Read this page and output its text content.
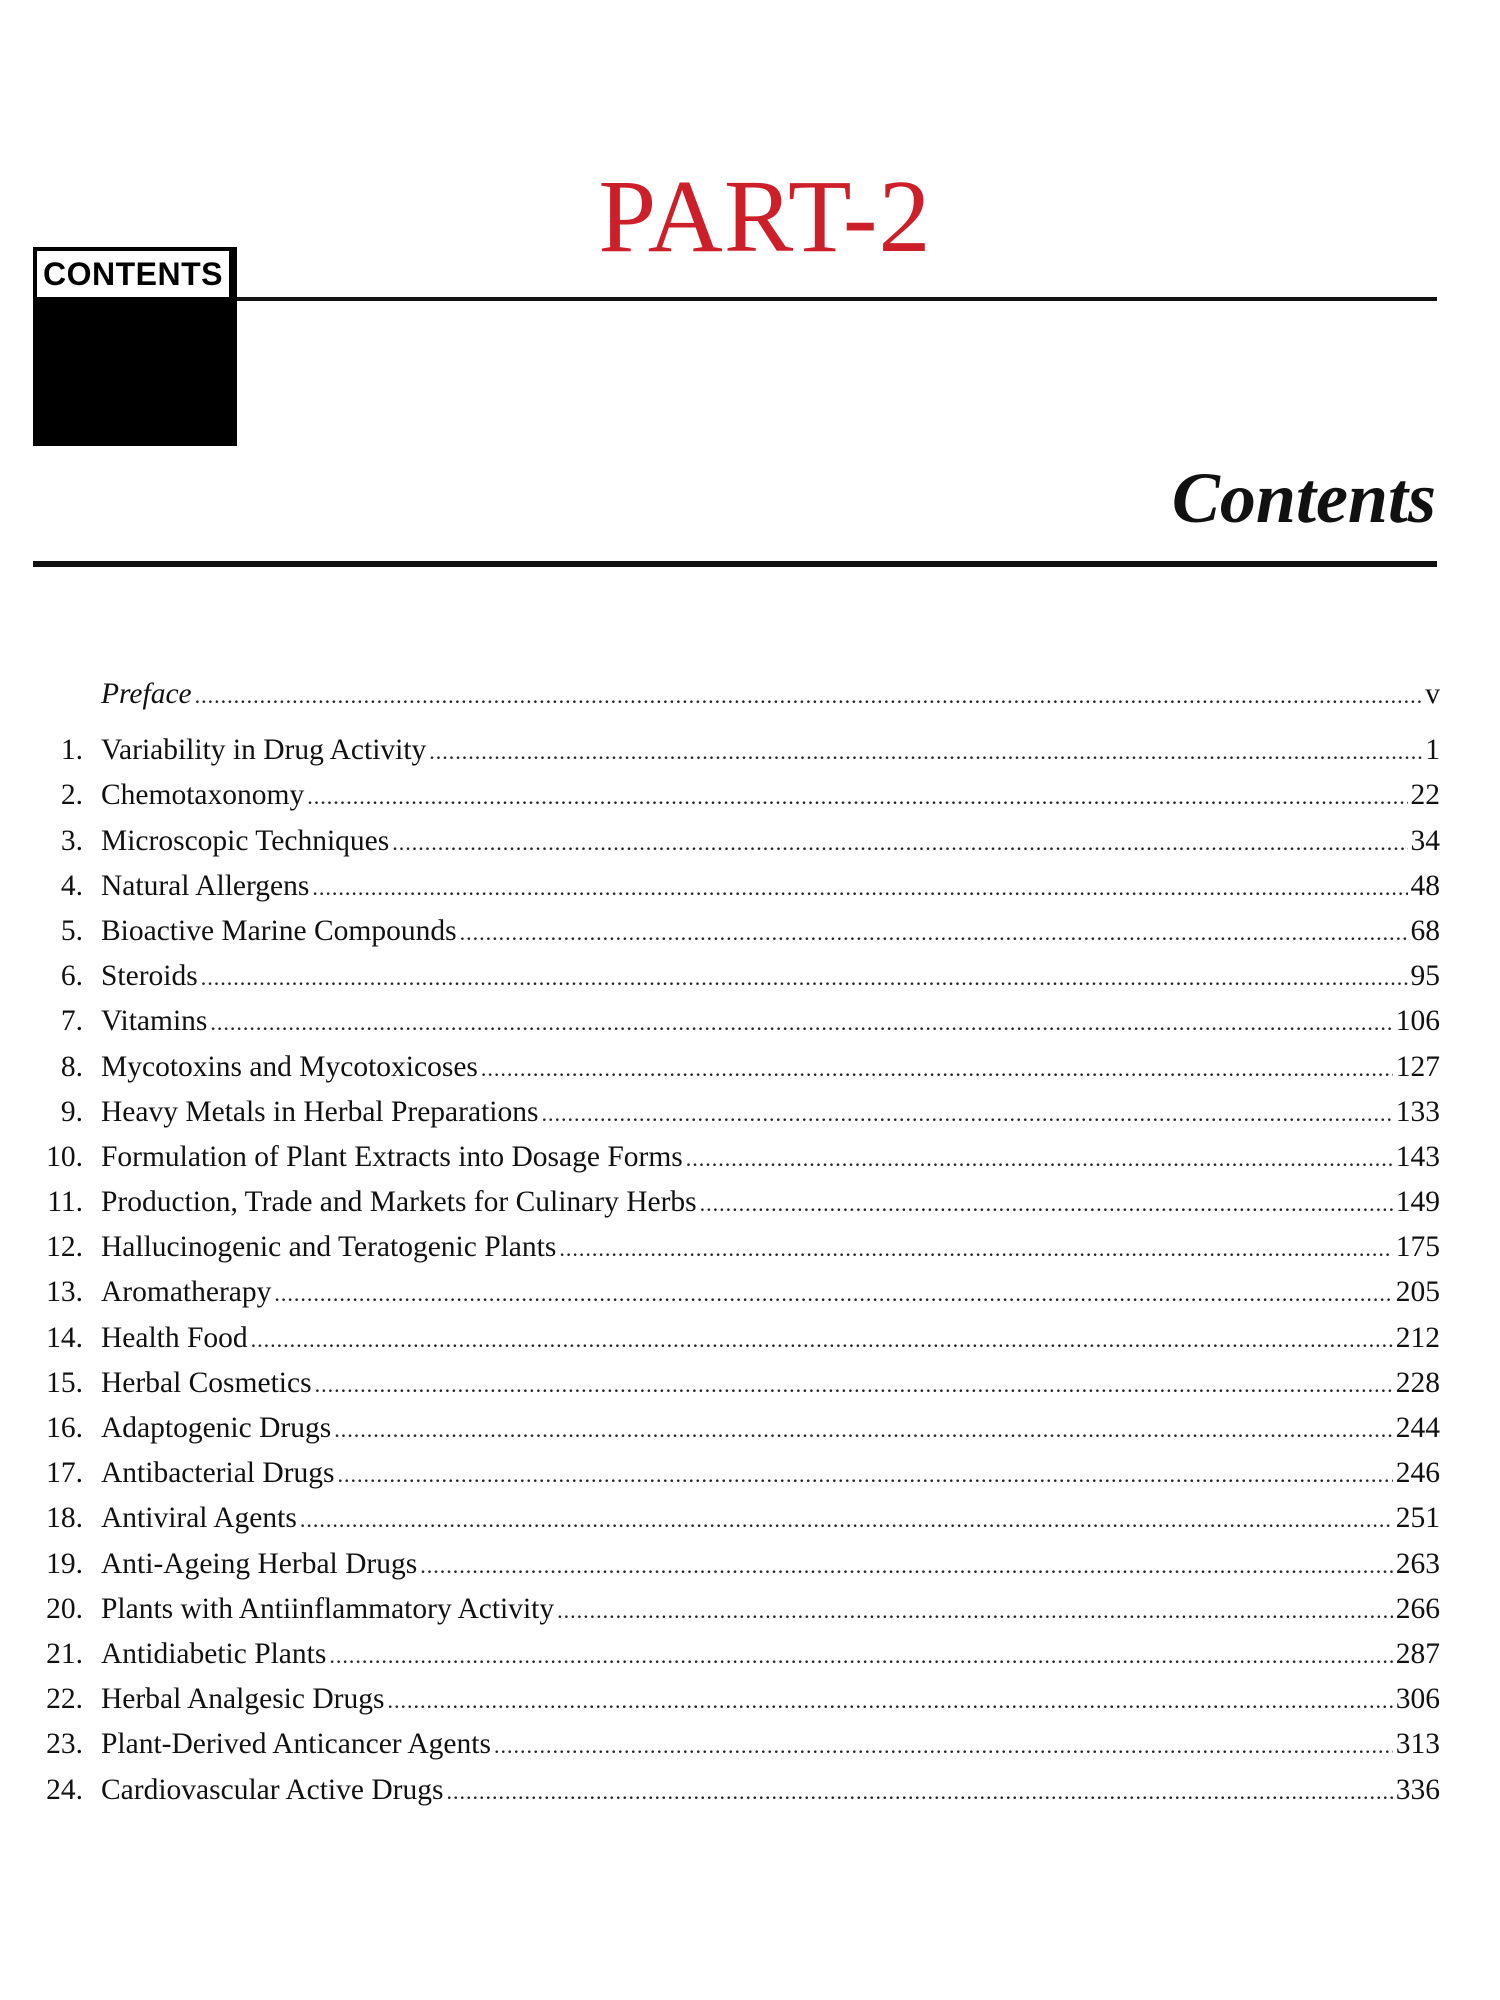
PART-2
CONTENTS
Contents
Preface .....	v
1. Variability in Drug Activity .....	1
2. Chemotaxonomy .....	22
3. Microscopic Techniques .....	34
4. Natural Allergens .....	48
5. Bioactive Marine Compounds .....	68
6. Steroids .....	95
7. Vitamins .....	106
8. Mycotoxins and Mycotoxicoses .....	127
9. Heavy Metals in Herbal Preparations .....	133
10. Formulation of Plant Extracts into Dosage Forms .....	143
11. Production, Trade and Markets for Culinary Herbs .....	149
12. Hallucinogenic and Teratogenic Plants .....	175
13. Aromatherapy .....	205
14. Health Food .....	212
15. Herbal Cosmetics .....	228
16. Adaptogenic Drugs .....	244
17. Antibacterial Drugs .....	246
18. Antiviral Agents .....	251
19. Anti-Ageing Herbal Drugs .....	263
20. Plants with Antiinflammatory Activity .....	266
21. Antidiabetic Plants .....	287
22. Herbal Analgesic Drugs .....	306
23. Plant-Derived Anticancer Agents .....	313
24. Cardiovascular Active Drugs .....	336
